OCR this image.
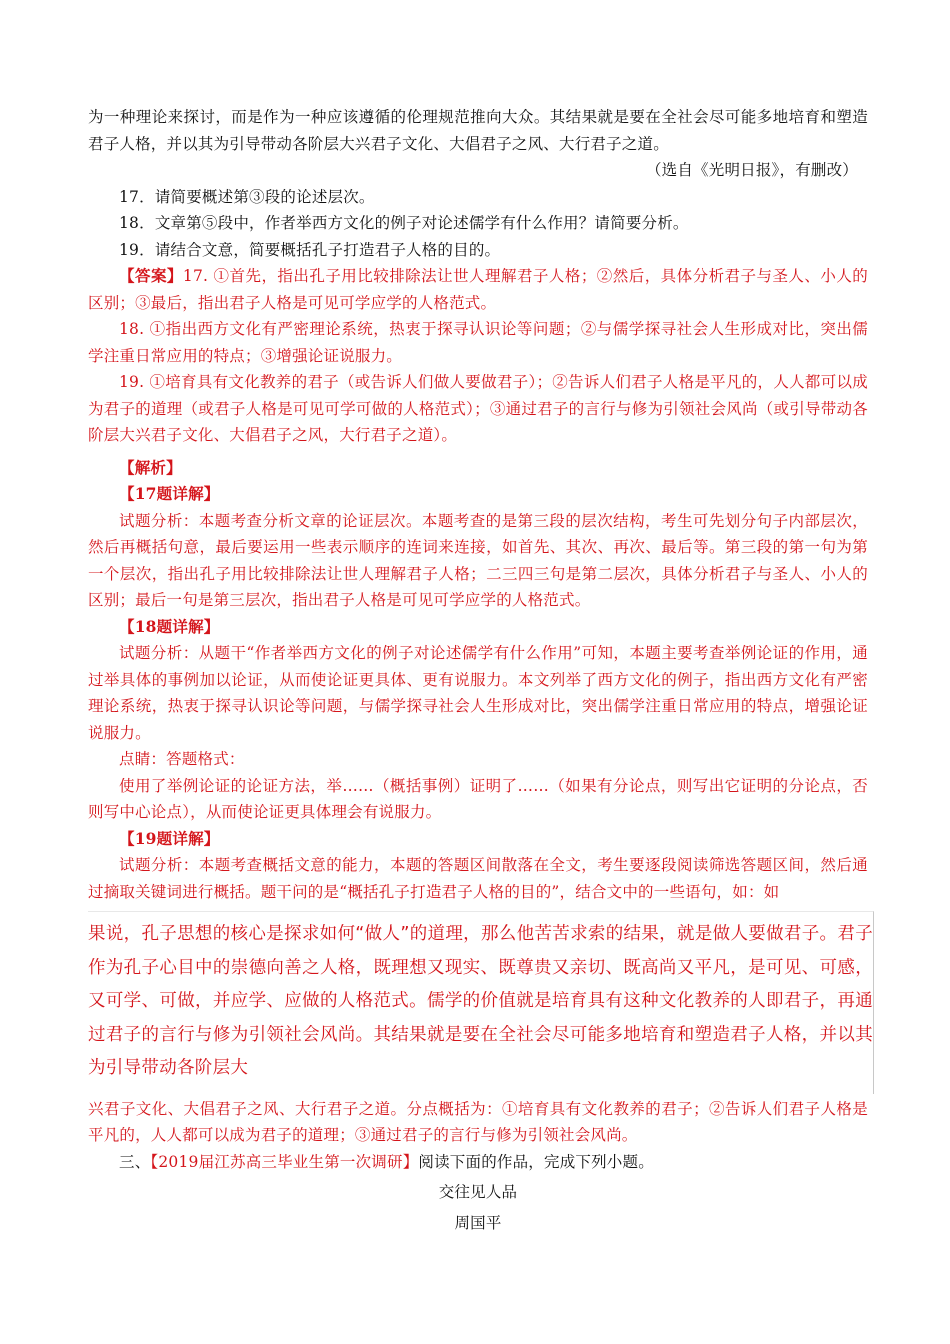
为一种理论来探讨，而是作为一种应该遵循的伦理规范推向大众。其结果就是要在全社会尽可能多地培育和塑造君子人格，并以其为引导带动各阶层大兴君子文化、大倡君子之风、大行君子之道。

（选自《光明日报》，有删改）

17．请简要概述第③段的论述层次。

18．文章第⑤段中，作者举西方文化的例子对论述儒学有什么作用？请简要分析。

19．请结合文意，简要概括孔子打造君子人格的目的。

【答案】17. ①首先，指出孔子用比较排除法让世人理解君子人格；②然后，具体分析君子与圣人、小人的区别；③最后，指出君子人格是可见可学应学的人格范式。

18. ①指出西方文化有严密理论系统，热衷于探寻认识论等问题；②与儒学探寻社会人生形成对比，突出儒学注重日常应用的特点；③增强论证说服力。

19. ①培育具有文化教养的君子（或告诉人们做人要做君子）；②告诉人们君子人格是平凡的，人人都可以成为君子的道理（或君子人格是可见可学可做的人格范式）；③通过君子的言行与修为引领社会风尚（或引导带动各阶层大兴君子文化、大倡君子之风，大行君子之道）。

【解析】

【17题详解】

试题分析：本题考查分析文章的论证层次。本题考查的是第三段的层次结构，考生可先划分句子内部层次，然后再概括句意，最后要运用一些表示顺序的连词来连接，如首先、其次、再次、最后等。第三段的第一句为第一个层次，指出孔子用比较排除法让世人理解君子人格；二三四三句是第二层次，具体分析君子与圣人、小人的区别；最后一句是第三层次，指出君子人格是可见可学应学的人格范式。

【18题详解】

试题分析：从题干“作者举西方文化的例子对论述儒学有什么作用”可知，本题主要考查举例论证的作用，通过举具体的事例加以论证，从而使论证更具体、更有说服力。本文列举了西方文化的例子，指出西方文化有严密理论系统，热衷于探寻认识论等问题，与儒学探寻社会人生形成对比，突出儒学注重日常应用的特点，增强论证说服力。

点睛：答题格式：

使用了举例论证的论证方法，举……（概括事例）证明了……（如果有分论点，则写出它证明的分论点，否则写中心论点），从而使论证更具体理会有说服力。

【19题详解】

试题分析：本题考查概括文意的能力，本题的答题区间散落在全文，考生要逐段阅读筛选答题区间，然后通过摘取关键词进行概括。题干问的是“概括孔子打造君子人格的目的”，结合文中的一些语句，如：如

果说，孔子思想的核心是探求如何“做人”的道理，那么他苦苦求索的结果，就是做人要做君子。君子作为孔子心目中的崇德向善之人格，既理想又现实、既尊贵又亲切、既高尚又平凡，是可见、可感，又可学、可做，并应学、应做的人格范式。儒学的价值就是培育具有这种文化教养的人即君子，再通过君子的言行与修为引领社会风尚。其结果就是要在全社会尽可能多地培育和塑造君子人格，并以其为引导带动各阶层大

兴君子文化、大倡君子之风、大行君子之道。分点概括为：①培育具有文化教养的君子；②告诉人们君子人格是平凡的，人人都可以成为君子的道理；③通过君子的言行与修为引领社会风尚。

三、【2019届江苏高三毕业生第一次调研】阅读下面的作品，完成下列小题。

交往见人品

周国平
